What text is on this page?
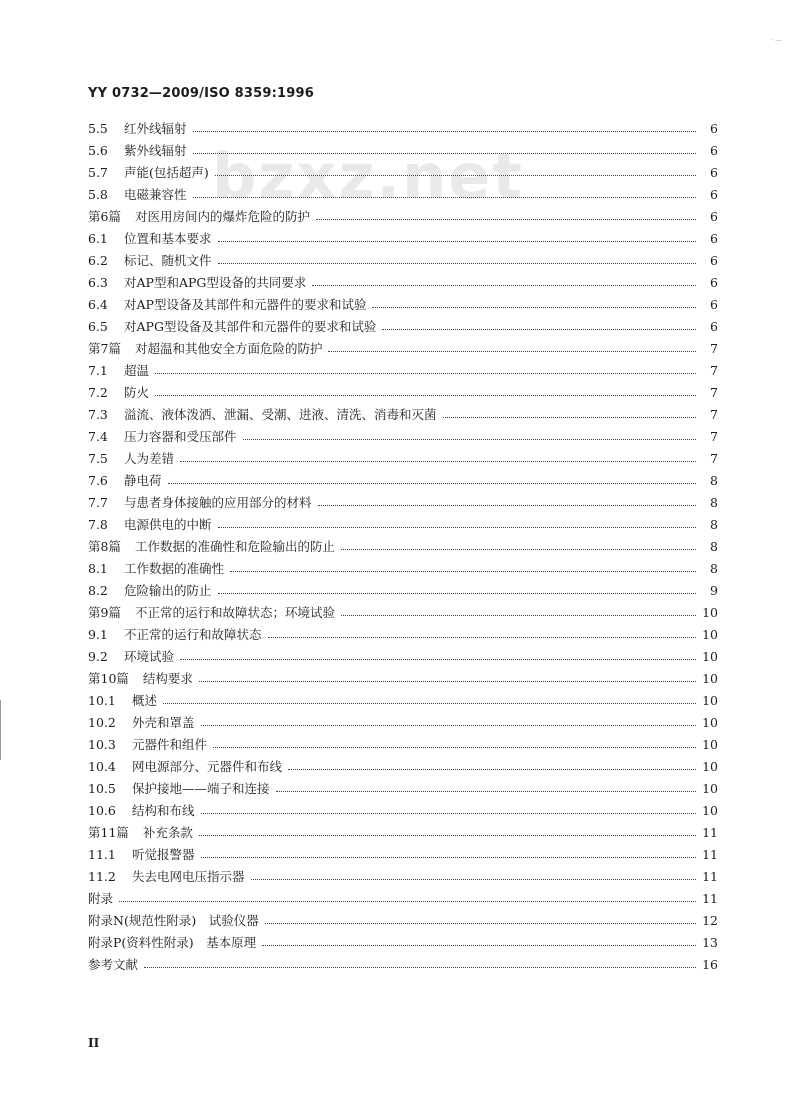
· —
bzxz.net
YY 0732—2009/ISO 8359:1996
5.5	红外线辐射	6
5.6	紫外线辐射	6
5.7	声能(包括超声)	6
5.8	电磁兼容性	6
第6篇 对医用房间内的爆炸危险的防护	6
6.1	位置和基本要求	6
6.2	标记、随机文件	6
6.3	对AP型和APG型设备的共同要求	6
6.4	对AP型设备及其部件和元器件的要求和试验	6
6.5	对APG型设备及其部件和元器件的要求和试验	6
第7篇 对超温和其他安全方面危险的防护	7
7.1	超温	7
7.2	防火	7
7.3	溢流、液体泼洒、泄漏、受潮、进液、清洗、消毒和灭菌	7
7.4	压力容器和受压部件	7
7.5	人为差错	7
7.6	静电荷	8
7.7	与患者身体接触的应用部分的材料	8
7.8	电源供电的中断	8
第8篇 工作数据的准确性和危险输出的防止	8
8.1	工作数据的准确性	8
8.2	危险输出的防止	9
第9篇 不正常的运行和故障状态；环境试验	10
9.1	不正常的运行和故障状态	10
9.2	环境试验	10
第10篇 结构要求	10
10.1	概述	10
10.2	外壳和罩盖	10
10.3	元器件和组件	10
10.4	网电源部分、元器件和布线	10
10.5	保护接地——端子和连接	10
10.6	结构和布线	10
第11篇 补充条款	11
11.1	听觉报警器	11
11.2	失去电网电压指示器	11
附录	11
附录N(规范性附录)　试验仪器	12
附录P(资料性附录)　基本原理	13
参考文献	16
II
